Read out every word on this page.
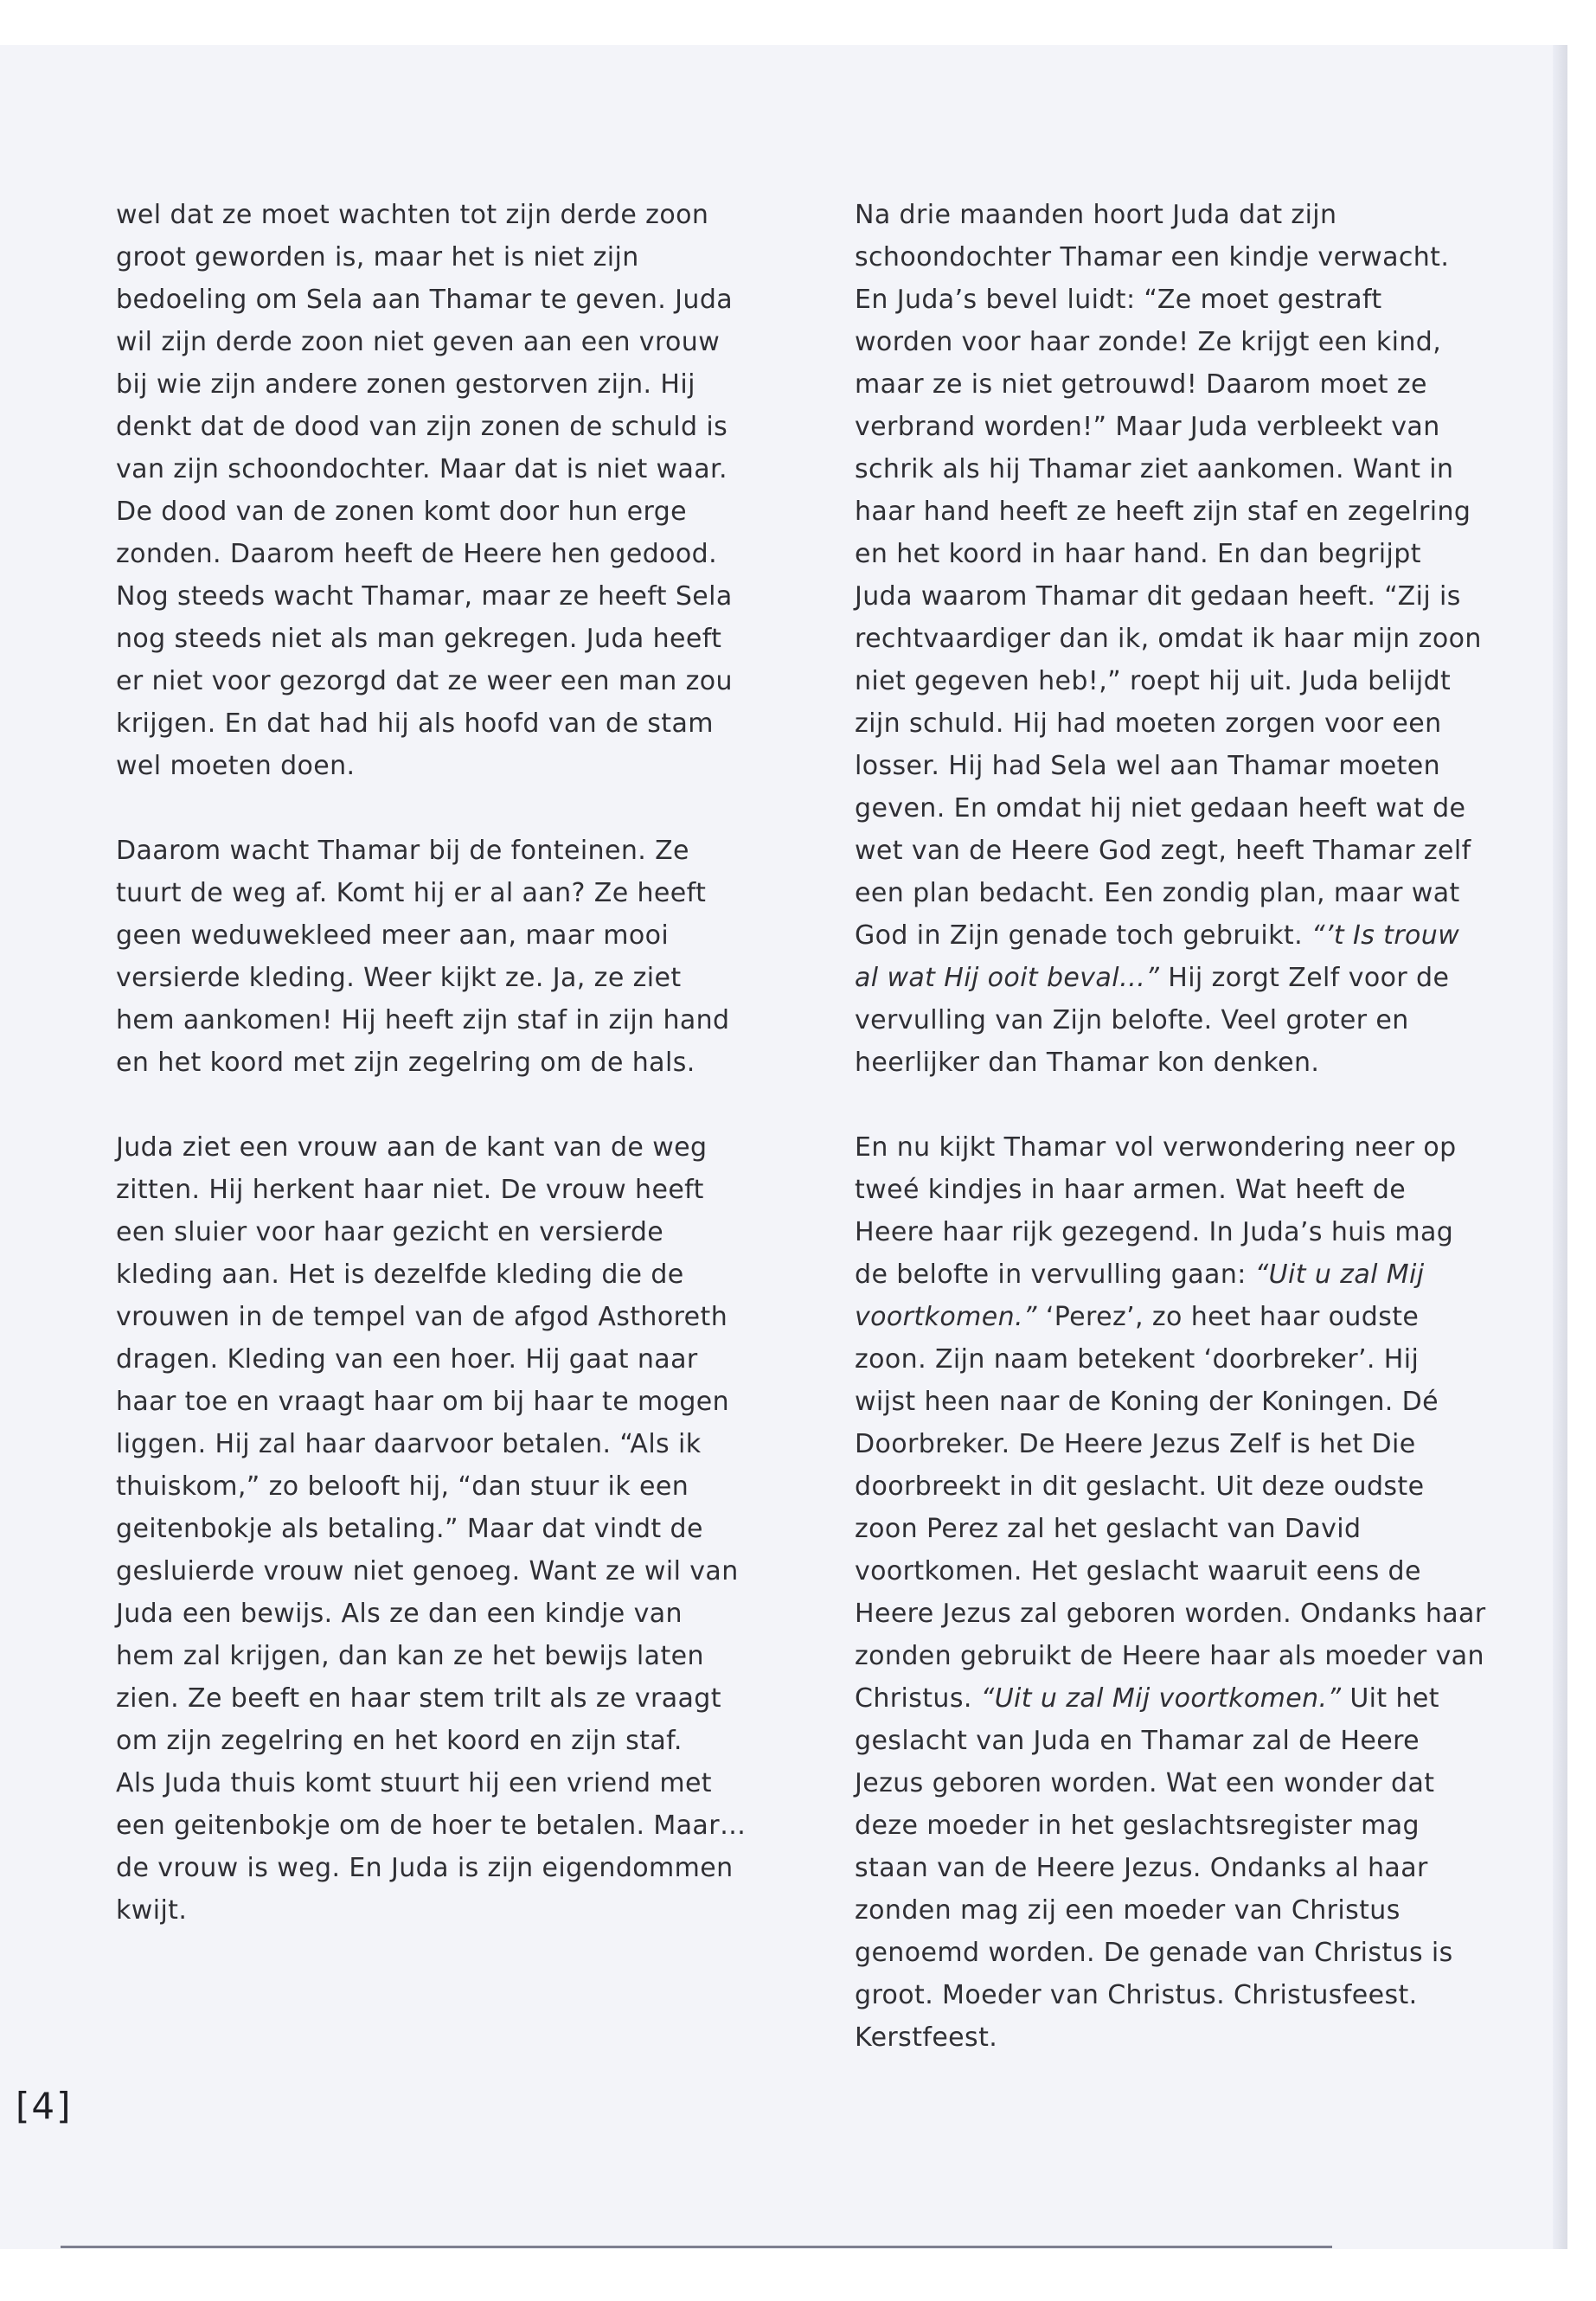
wel dat ze moet wachten tot zijn derde zoon groot geworden is, maar het is niet zijn bedoeling om Sela aan Thamar te geven. Juda wil zijn derde zoon niet geven aan een vrouw bij wie zijn andere zonen gestorven zijn. Hij denkt dat de dood van zijn zonen de schuld is van zijn schoondochter. Maar dat is niet waar. De dood van de zonen komt door hun erge zonden. Daarom heeft de Heere hen gedood. Nog steeds wacht Thamar, maar ze heeft Sela nog steeds niet als man gekregen. Juda heeft er niet voor gezorgd dat ze weer een man zou krijgen. En dat had hij als hoofd van de stam wel moeten doen.

Daarom wacht Thamar bij de fonteinen. Ze tuurt de weg af. Komt hij er al aan? Ze heeft geen weduwekleed meer aan, maar mooi versierde kleding. Weer kijkt ze. Ja, ze ziet hem aankomen! Hij heeft zijn staf in zijn hand en het koord met zijn zegelring om de hals.

Juda ziet een vrouw aan de kant van de weg zitten. Hij herkent haar niet. De vrouw heeft een sluier voor haar gezicht en versierde kleding aan. Het is dezelfde kleding die de vrouwen in de tempel van de afgod Asthoreth dragen. Kleding van een hoer. Hij gaat naar haar toe en vraagt haar om bij haar te mogen liggen. Hij zal haar daarvoor betalen. “Als ik thuiskom,” zo belooft hij, “dan stuur ik een geitenbokje als betaling.” Maar dat vindt de gesluierde vrouw niet genoeg. Want ze wil van Juda een bewijs. Als ze dan een kindje van hem zal krijgen, dan kan ze het bewijs laten zien. Ze beeft en haar stem trilt als ze vraagt om zijn zegelring en het koord en zijn staf.

Als Juda thuis komt stuurt hij een vriend met een geitenbokje om de hoer te betalen. Maar… de vrouw is weg. En Juda is zijn eigendommen kwijt.

Na drie maanden hoort Juda dat zijn schoondochter Thamar een kindje verwacht. En Juda’s bevel luidt: “Ze moet gestraft worden voor haar zonde! Ze krijgt een kind, maar ze is niet getrouwd! Daarom moet ze verbrand worden!” Maar Juda verbleekt van schrik als hij Thamar ziet aankomen. Want in haar hand heeft ze heeft zijn staf en zegelring en het koord in haar hand. En dan begrijpt Juda waarom Thamar dit gedaan heeft. “Zij is rechtvaardiger dan ik, omdat ik haar mijn zoon niet gegeven heb!,” roept hij uit. Juda belijdt zijn schuld. Hij had moeten zorgen voor een losser. Hij had Sela wel aan Thamar moeten geven. En omdat hij niet gedaan heeft wat de wet van de Heere God zegt, heeft Thamar zelf een plan bedacht. Een zondig plan, maar wat God in Zijn genade toch gebruikt. “’t Is trouw al wat Hij ooit beval…” Hij zorgt Zelf voor de vervulling van Zijn belofte. Veel groter en heerlijker dan Thamar kon denken.

En nu kijkt Thamar vol verwondering neer op tweé kindjes in haar armen. Wat heeft de Heere haar rijk gezegend. In Juda’s huis mag de belofte in vervulling gaan: “Uit u zal Mij voortkomen.” ‘Perez’, zo heet haar oudste zoon. Zijn naam betekent ‘doorbreker’. Hij wijst heen naar de Koning der Koningen. Dé Doorbreker. De Heere Jezus Zelf is het Die doorbreekt in dit geslacht. Uit deze oudste zoon Perez zal het geslacht van David voortkomen. Het geslacht waaruit eens de Heere Jezus zal geboren worden. Ondanks haar zonden gebruikt de Heere haar als moeder van Christus. “Uit u zal Mij voortkomen.” Uit het geslacht van Juda en Thamar zal de Heere Jezus geboren worden. Wat een wonder dat deze moeder in het geslachtsregister mag staan van de Heere Jezus. Ondanks al haar zonden mag zij een moeder van Christus genoemd worden. De genade van Christus is groot. Moeder van Christus. Christusfeest. Kerstfeest.

[4]
